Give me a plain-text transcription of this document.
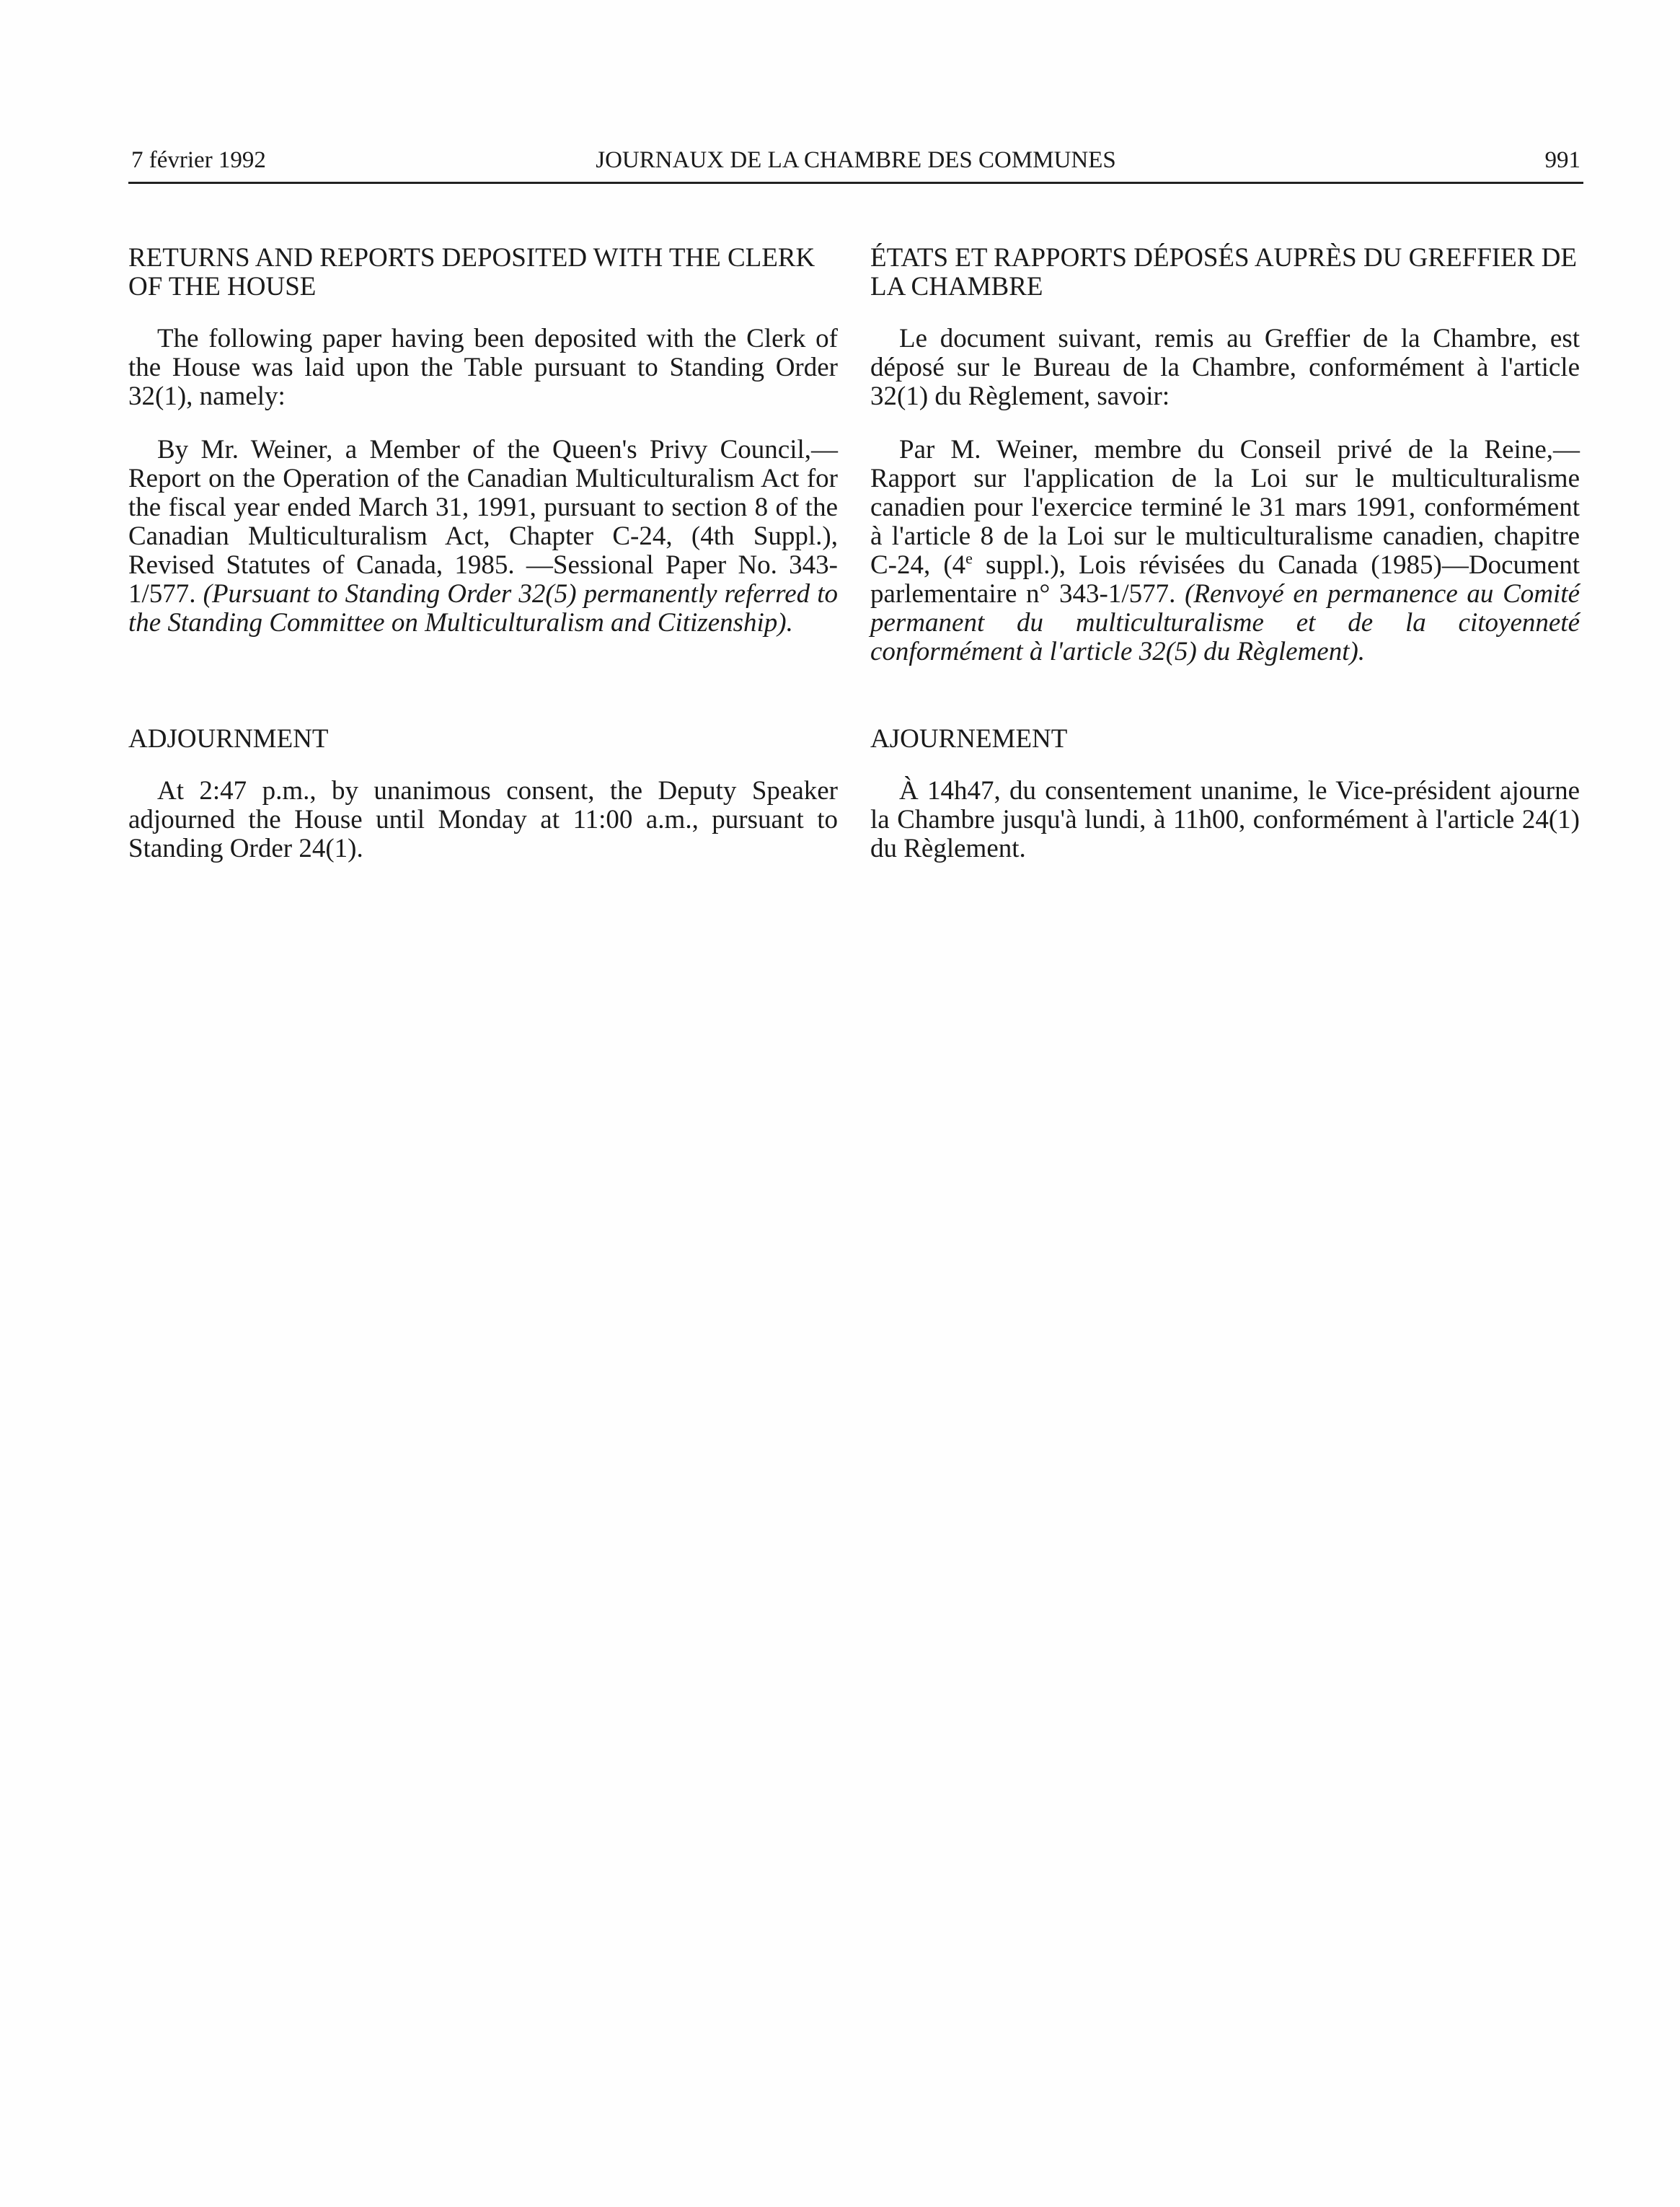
7 février 1992	JOURNAUX DE LA CHAMBRE DES COMMUNES	991
RETURNS AND REPORTS DEPOSITED WITH THE CLERK OF THE HOUSE

The following paper having been deposited with the Clerk of the House was laid upon the Table pursuant to Standing Order 32(1), namely:

By Mr. Weiner, a Member of the Queen's Privy Council,—Report on the Operation of the Canadian Multiculturalism Act for the fiscal year ended March 31, 1991, pursuant to section 8 of the Canadian Multiculturalism Act, Chapter C-24, (4th Suppl.), Revised Statutes of Canada, 1985. —Sessional Paper No. 343-1/577. (Pursuant to Standing Order 32(5) permanently referred to the Standing Committee on Multiculturalism and Citizenship).

ÉTATS ET RAPPORTS DÉPOSÉS AUPRÈS DU GREFFIER DE LA CHAMBRE

Le document suivant, remis au Greffier de la Chambre, est déposé sur le Bureau de la Chambre, conformément à l'article 32(1) du Règlement, savoir:

Par M. Weiner, membre du Conseil privé de la Reine,—Rapport sur l'application de la Loi sur le multiculturalisme canadien pour l'exercice terminé le 31 mars 1991, conformément à l'article 8 de la Loi sur le multiculturalisme canadien, chapitre C-24, (4e suppl.), Lois révisées du Canada (1985)—Document parlementaire n° 343-1/577. (Renvoyé en permanence au Comité permanent du multiculturalisme et de la citoyenneté conformément à l'article 32(5) du Règlement).

ADJOURNMENT

At 2:47 p.m., by unanimous consent, the Deputy Speaker adjourned the House until Monday at 11:00 a.m., pursuant to Standing Order 24(1).

AJOURNEMENT

À 14h47, du consentement unanime, le Vice-président ajourne la Chambre jusqu'à lundi, à 11h00, conformément à l'article 24(1) du Règlement.
